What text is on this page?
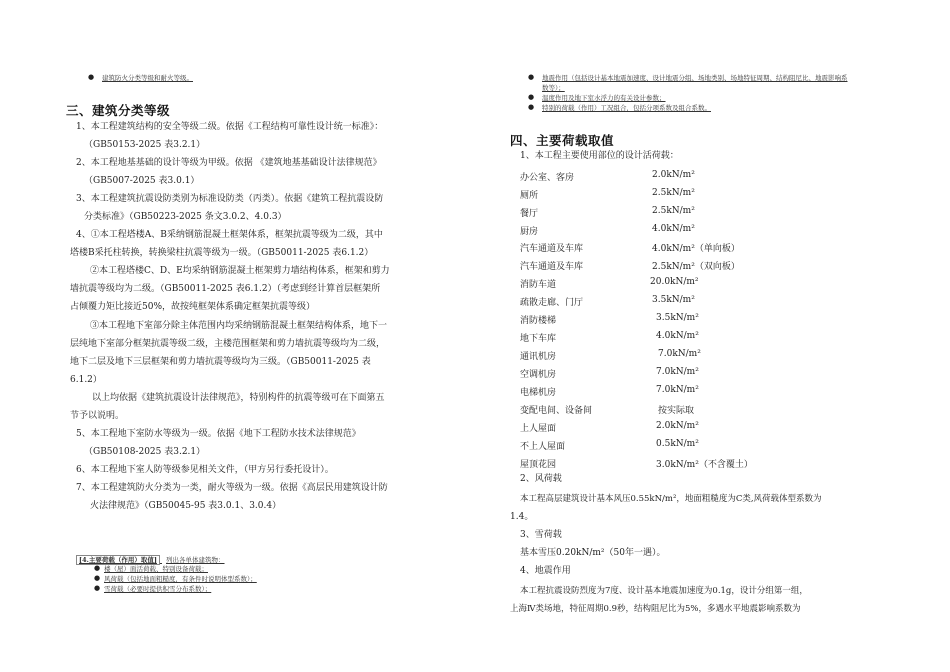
● 建筑防火分类等级和耐火等级。
三、建筑分类等级
1、本工程建筑结构的安全等级二级。依据《工程结构可靠性设计统一标准》：
（GB50153-2025 表3.2.1）
2、本工程地基基础的设计等级为甲级。依据 《建筑地基基础设计法律规范》
（GB5007-2025 表3.0.1）
3、本工程建筑抗震设防类别为标准设防类（丙类）。依据《建筑工程抗震设防
分类标准》（GB50223-2025 条文3.0.2、4.0.3）
4、①本工程塔楼A、B采纳钢筋混凝土框架体系，框架抗震等级为二级，其中
塔楼B采托柱转换，转换梁柱抗震等级为一级。（GB50011-2025 表6.1.2）
②本工程塔楼C、D、E均采纳钢筋混凝土框架剪力墙结构体系，框架和剪力
墙抗震等级均为二级。（GB50011-2025 表6.1.2）（考虑到经计算首层框架所
占倾覆力矩比接近50%，故按纯框架体系确定框架抗震等级）
③本工程地下室部分除主体范围内均采纳钢筋混凝土框架结构体系，地下一
层纯地下室部分框架抗震等级二级，主楼范围框架和剪力墙抗震等级均为二级，
地下二层及地下三层框架和剪力墙抗震等级均为三级。（GB50011-2025 表
6.1.2）
以上均依据《建筑抗震设计法律规范》，特别构件的抗震等级可在下面第五
节予以说明。
5、本工程地下室防水等级为一级。依据《地下工程防水技术法律规范》
（GB50108-2025 表3.2.1）
6、本工程地下室人防等级参见相关文件，（甲方另行委托设计）。
7、本工程建筑防火分类为一类，耐火等级为一级。依据《高层民用建筑设计防
火法律规范》（GB50045-95 表3.0.1、3.0.4）
[4.主要荷载（作用）取值] 列出各单体建筑物：
● 楼（屋）面活荷载、特别设备荷载；
● 风荷载（包括地面粗糙度，有条件时说明体型系数）；
● 雪荷载（必要时提供积雪分布系数）；
● 地震作用（包括设计基本地震加速度、设计地震分组、场地类别、场地特征周期、结构阻尼比、地震影响系
数等）；
● 温度作用及地下室水浮力的有关设计参数；
● 特别的荷载（作用）工况组合，包括分项系数及组合系数。
四、主要荷载取值
1、本工程主要使用部位的设计活荷载：
办公室、客房	2.0kN/m²
厕所	2.5kN/m²
餐厅	2.5kN/m²
厨房	4.0kN/m²
汽车通道及车库	4.0kN/m²（单向板）
汽车通道及车库	2.5kN/m²（双向板）
消防车道	20.0kN/m²
疏散走廊、门厅	3.5kN/m²
消防楼梯	3.5kN/m²
地下车库	4.0kN/m²
通讯机房	7.0kN/m²
空调机房	7.0kN/m²
电梯机房	7.0kN/m²
变配电间、设备间	按实际取
上人屋面	2.0kN/m²
不上人屋面	0.5kN/m²
屋顶花园	3.0kN/m²（不含覆土）
2、风荷载
本工程高层建筑设计基本风压0.55kN/m²，地面粗糙度为C类,风荷载体型系数为
1.4。
3、雪荷载
基本雪压0.20kN/m²（50年一遇）。
4、地震作用
本工程抗震设防烈度为7度、设计基本地震加速度为0.1g，设计分组第一组，
上海Ⅳ类场地，特征周期0.9秒，结构阻尼比为5%，多遇水平地震影响系数为
